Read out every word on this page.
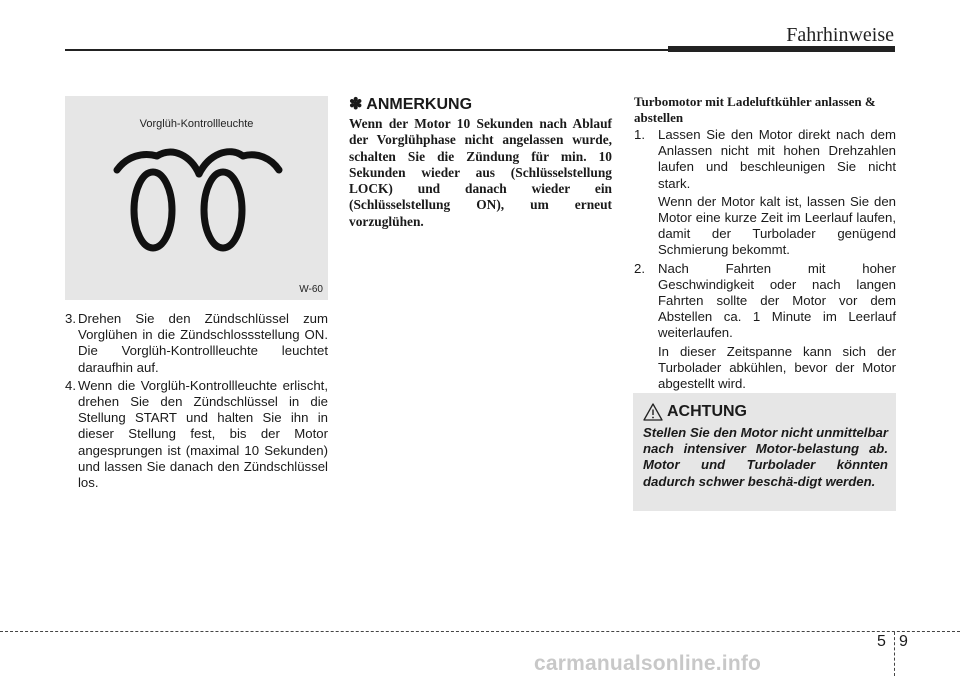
Fahrhinweise
Vorglüh-Kontrollleuchte
W-60
3. Drehen Sie den Zündschlüssel zum Vorglühen in die Zündschlossstellung ON. Die Vorglüh-Kontrollleuchte leuchtet daraufhin auf.
4. Wenn die Vorglüh-Kontrollleuchte erlischt, drehen Sie den Zündschlüssel in die Stellung START und halten Sie ihn in dieser Stellung fest, bis der Motor angesprungen ist (maximal 10 Sekunden) und lassen Sie danach den Zündschlüssel los.
✽ ANMERKUNG

Wenn der Motor 10 Sekunden nach Ablauf der Vorglühphase nicht angelassen wurde, schalten Sie die Zündung für min. 10 Sekunden wieder aus (Schlüsselstellung LOCK) und danach wieder ein (Schlüsselstellung ON), um erneut vorzuglühen.

Turbomotor mit Ladeluftkühler anlassen & abstellen
1. Lassen Sie den Motor direkt nach dem Anlassen nicht mit hohen Drehzahlen laufen und beschleunigen Sie nicht stark.
Wenn der Motor kalt ist, lassen Sie den Motor eine kurze Zeit im Leerlauf laufen, damit der Turbolader genügend Schmierung bekommt.
2. Nach Fahrten mit hoher Geschwindigkeit oder nach langen Fahrten sollte der Motor vor dem Abstellen ca. 1 Minute im Leerlauf weiterlaufen.
In dieser Zeitspanne kann sich der Turbolader abkühlen, bevor der Motor abgestellt wird.
ACHTUNG

Stellen Sie den Motor nicht unmittelbar nach intensiver Motor-belastung ab. Motor und Turbolader könnten dadurch schwer beschä-digt werden.

5 9
carmanualsonline.info
